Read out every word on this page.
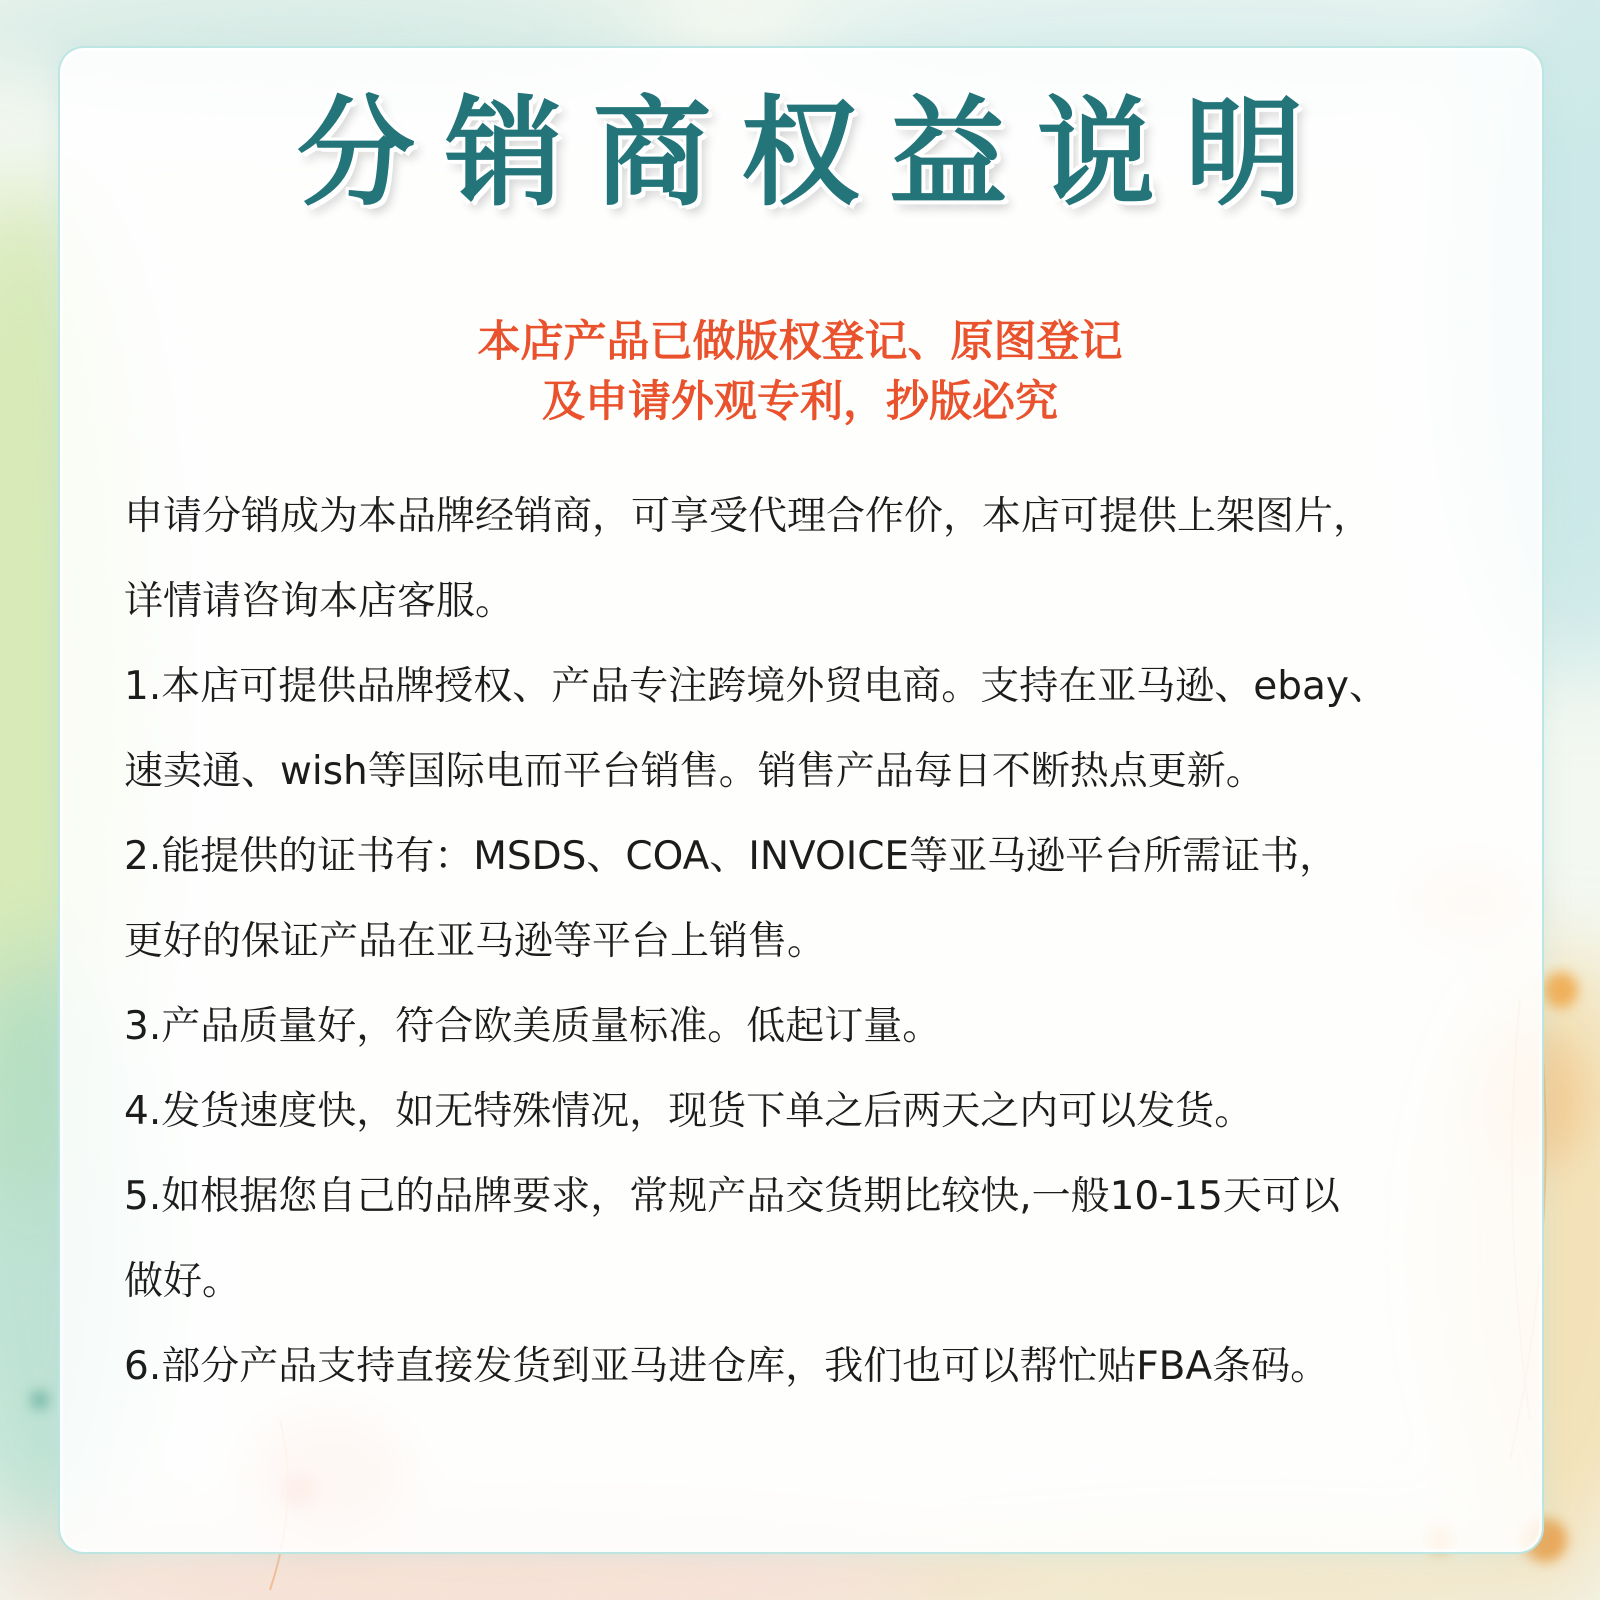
分销商权益说明
本店产品已做版权登记、原图登记
及申请外观专利，抄版必究
申请分销成为本品牌经销商，可享受代理合作价，本店可提供上架图片，
详情请咨询本店客服。
1.本店可提供品牌授权、产品专注跨境外贸电商。支持在亚马逊、ebay、
速卖通、wish等国际电而平台销售。销售产品每日不断热点更新。
2.能提供的证书有：MSDS、COA、INVOICE等亚马逊平台所需证书，
更好的保证产品在亚马逊等平台上销售。
3.产品质量好，符合欧美质量标准。低起订量。
4.发货速度快，如无特殊情况，现货下单之后两天之内可以发货。
5.如根据您自己的品牌要求，常规产品交货期比较快,一般10-15天可以
做好。
6.部分产品支持直接发货到亚马进仓库，我们也可以帮忙贴FBA条码。
